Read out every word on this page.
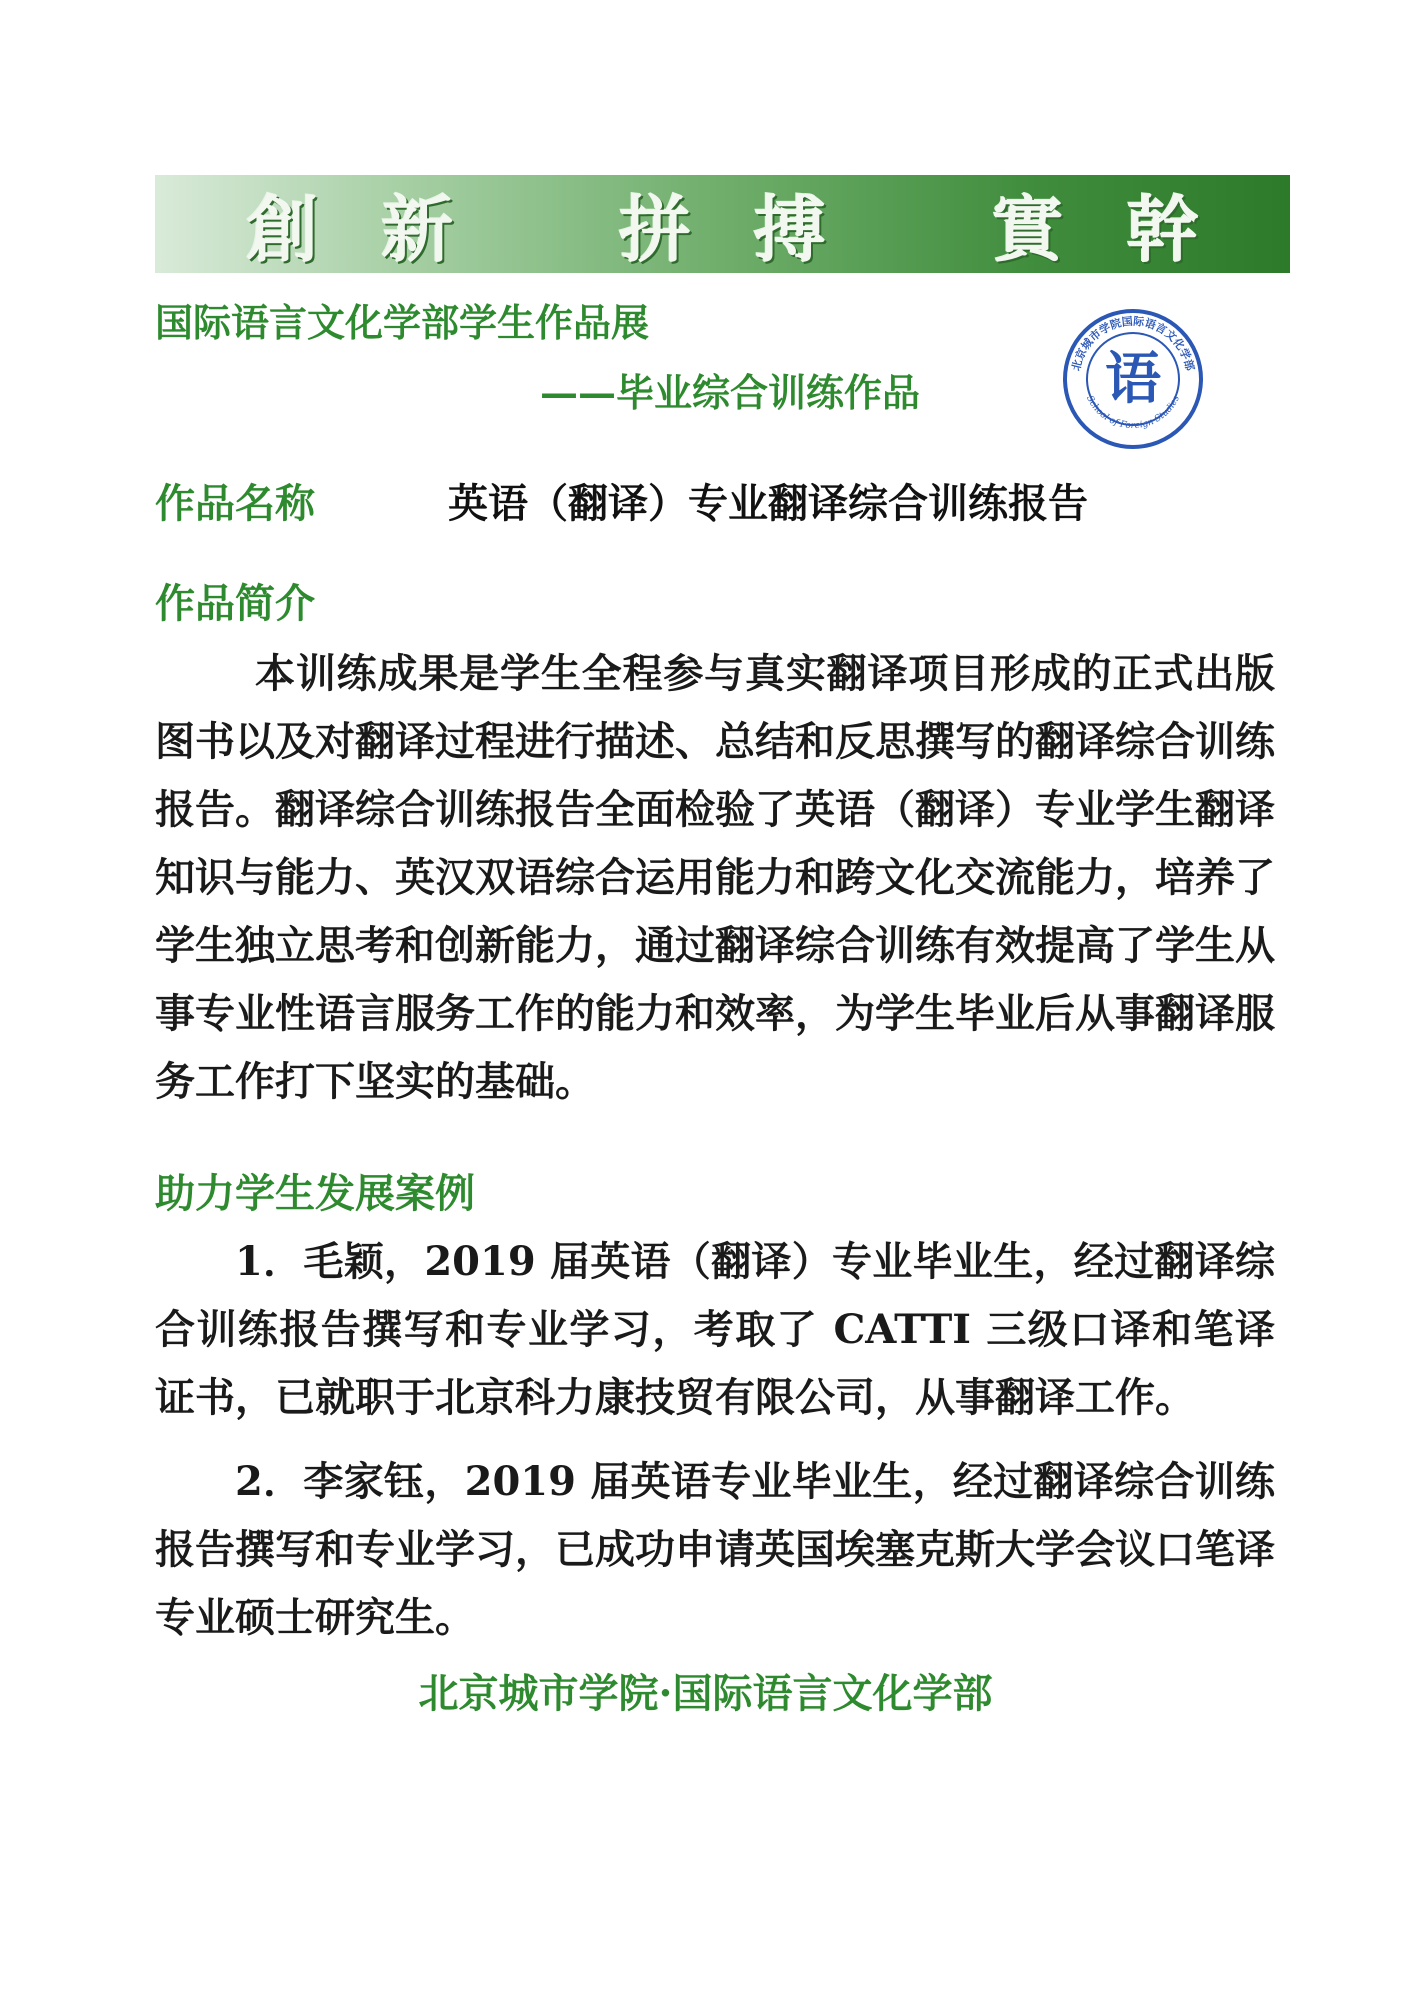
創 新 拼 搏 實 幹
国际语言文化学部学生作品展
——毕业综合训练作品
北京城市学院国际语言文化学部
School of Foreign Studies
语
作品名称	英语（翻译）专业翻译综合训练报告
作品简介
本训练成果是学生全程参与真实翻译项目形成的正式出版图书以及对翻译过程进行描述、总结和反思撰写的翻译综合训练报告。翻译综合训练报告全面检验了英语（翻译）专业学生翻译知识与能力、英汉双语综合运用能力和跨文化交流能力，培养了学生独立思考和创新能力，通过翻译综合训练有效提高了学生从事专业性语言服务工作的能力和效率，为学生毕业后从事翻译服务工作打下坚实的基础。
助力学生发展案例
1．毛颖，2019 届英语（翻译）专业毕业生，经过翻译综合训练报告撰写和专业学习，考取了 CATTI 三级口译和笔译证书，已就职于北京科力康技贸有限公司，从事翻译工作。
2．李家钰，2019 届英语专业毕业生，经过翻译综合训练报告撰写和专业学习，已成功申请英国埃塞克斯大学会议口笔译专业硕士研究生。
北京城市学院·国际语言文化学部
